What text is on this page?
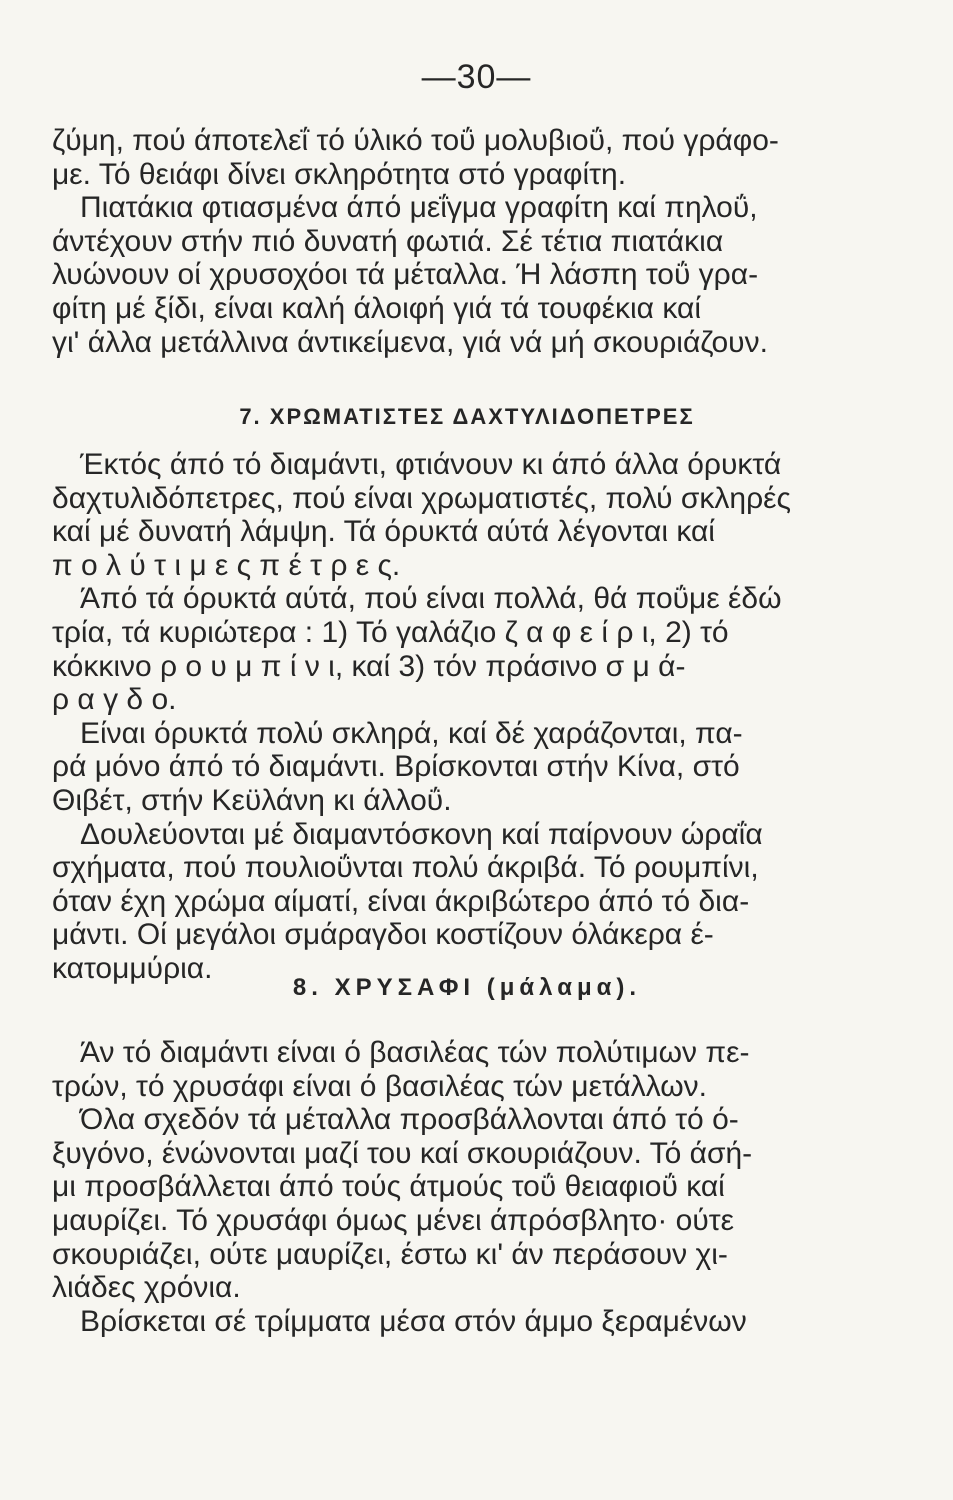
—30—
ζύμη, πού άποτελεΐ τό ύλικό τοΰ μολυβιοΰ, πού γράφο-
με. Τό θειάφι δίνει σκληρότητα στό γραφίτη.
Πιατάκια φτιασμένα άπό μεΐγμα γραφίτη καί πηλοΰ,
άντέχουν στήν πιό δυνατή φωτιά. Σέ τέτια πιατάκια
λυώνουν οί χρυσοχόοι τά μέταλλα. Ή λάσπη τοΰ γρα-
φίτη μέ ξίδι, είναι καλή άλοιφή γιά τά τουφέκια καί
γι' άλλα μετάλλινα άντικείμενα, γιά νά μή σκουριάζουν.
7. ΧΡΩΜΑΤΙΣΤΕΣ ΔΑΧΤΥΛΙΔΟΠΕΤΡΕΣ
Έκτός άπό τό διαμάντι, φτιάνουν κι άπό άλλα όρυκτά
δαχτυλιδόπετρες, πού είναι χρωματιστές, πολύ σκληρές
καί μέ δυνατή λάμψη. Τά όρυκτά αύτά λέγονται καί
π ο λ ύ τ ι μ ε ς π έ τ ρ ε ς.
Άπό τά όρυκτά αύτά, πού είναι πολλά, θά ποΰμε έδώ
τρία, τά κυριώτερα : 1) Τό γαλάζιο ζ α φ ε ί ρ ι, 2) τό
κόκκινο ρ ο υ μ π ί ν ι, καί 3) τόν πράσινο σ μ ά-
ρ α γ δ ο.
Είναι όρυκτά πολύ σκληρά, καί δέ χαράζονται, πα-
ρά μόνο άπό τό διαμάντι. Βρίσκονται στήν Κίνα, στό
Θιβέτ, στήν Κεϋλάνη κι άλλοΰ.
Δουλεύονται μέ διαμαντόσκονη καί παίρνουν ώραΐα
σχήματα, πού πουλιοΰνται πολύ άκριβά. Τό ρουμπίνι,
όταν έχη χρώμα αίματί, είναι άκριβώτερο άπό τό δια-
μάντι. Οί μεγάλοι σμάραγδοι κοστίζουν όλάκερα έ-
κατομμύρια.
8. ΧΡΥΣΑΦΙ (μάλαμα).
Άν τό διαμάντι είναι ό βασιλέας τών πολύτιμων πε-
τρών, τό χρυσάφι είναι ό βασιλέας τών μετάλλων.
Όλα σχεδόν τά μέταλλα προσβάλλονται άπό τό ό-
ξυγόνο, ένώνονται μαζί του καί σκουριάζουν. Τό άσή-
μι προσβάλλεται άπό τούς άτμούς τοΰ θειαφιοΰ καί
μαυρίζει. Τό χρυσάφι όμως μένει άπρόσβλητο· ούτε
σκουριάζει, ούτε μαυρίζει, έστω κι' άν περάσουν χι-
λιάδες χρόνια.
Βρίσκεται σέ τρίμματα μέσα στόν άμμο ξεραμένων
